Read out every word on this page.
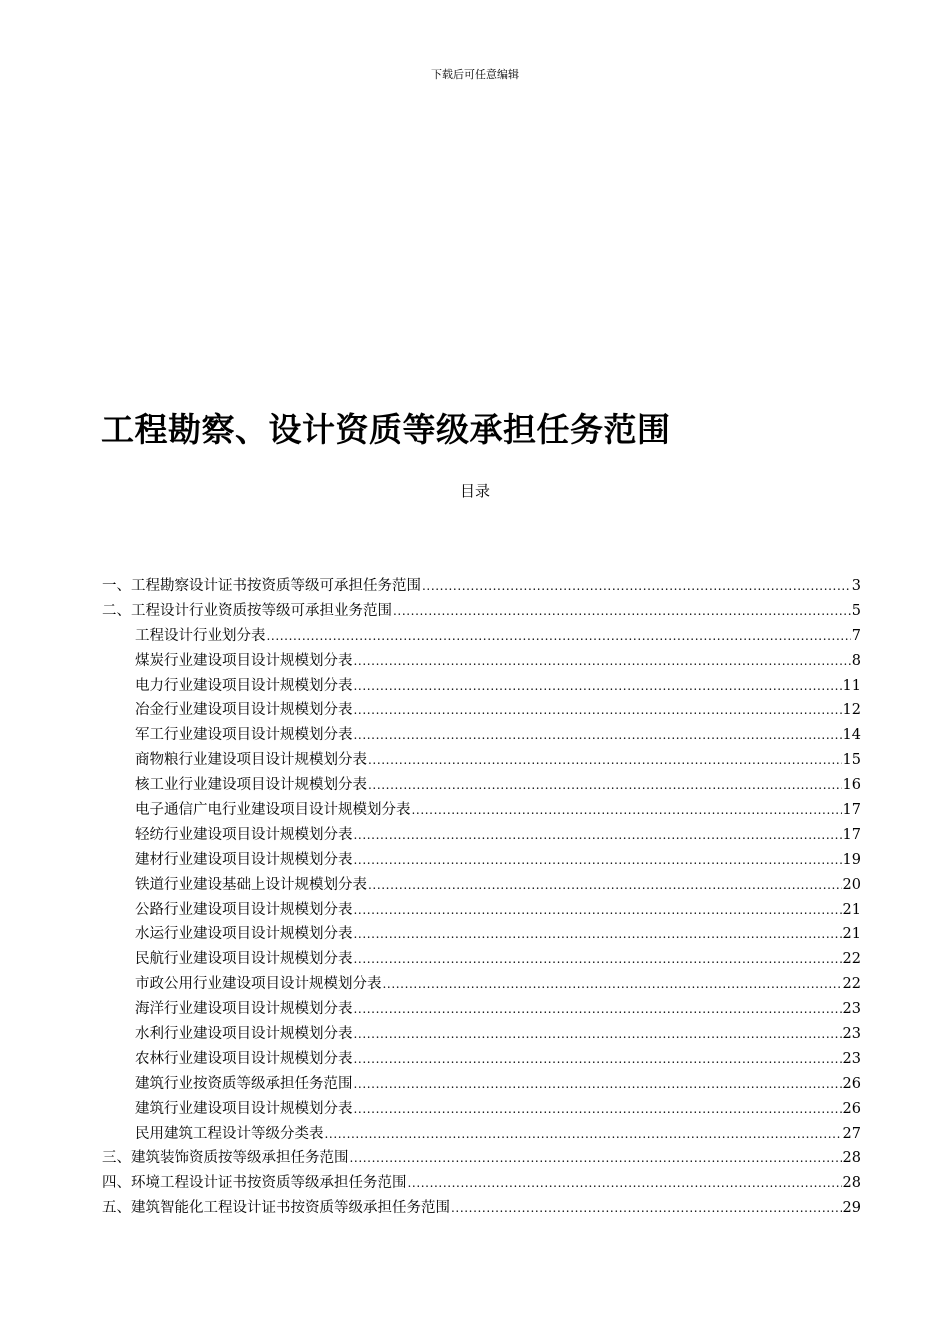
下载后可任意编辑
工程勘察、设计资质等级承担任务范围
目录
一、工程勘察设计证书按资质等级可承担任务范围 .....	3
二、工程设计行业资质按等级可承担业务范围 .....	5
工程设计行业划分表 .....	7
煤炭行业建设项目设计规模划分表 .....	8
电力行业建设项目设计规模划分表 .....	11
冶金行业建设项目设计规模划分表 .....	12
军工行业建设项目设计规模划分表 .....	14
商物粮行业建设项目设计规模划分表 .....	15
核工业行业建设项目设计规模划分表 .....	16
电子通信广电行业建设项目设计规模划分表 .....	17
轻纺行业建设项目设计规模划分表 .....	17
建材行业建设项目设计规模划分表 .....	19
铁道行业建设基础上设计规模划分表 .....	20
公路行业建设项目设计规模划分表 .....	21
水运行业建设项目设计规模划分表 .....	21
民航行业建设项目设计规模划分表 .....	22
市政公用行业建设项目设计规模划分表 .....	22
海洋行业建设项目设计规模划分表 .....	23
水利行业建设项目设计规模划分表 .....	23
农林行业建设项目设计规模划分表 .....	23
建筑行业按资质等级承担任务范围 .....	26
建筑行业建设项目设计规模划分表 .....	26
民用建筑工程设计等级分类表 .....	27
三、建筑装饰资质按等级承担任务范围 .....	28
四、环境工程设计证书按资质等级承担任务范围 .....	28
五、建筑智能化工程设计证书按资质等级承担任务范围 .....	29
